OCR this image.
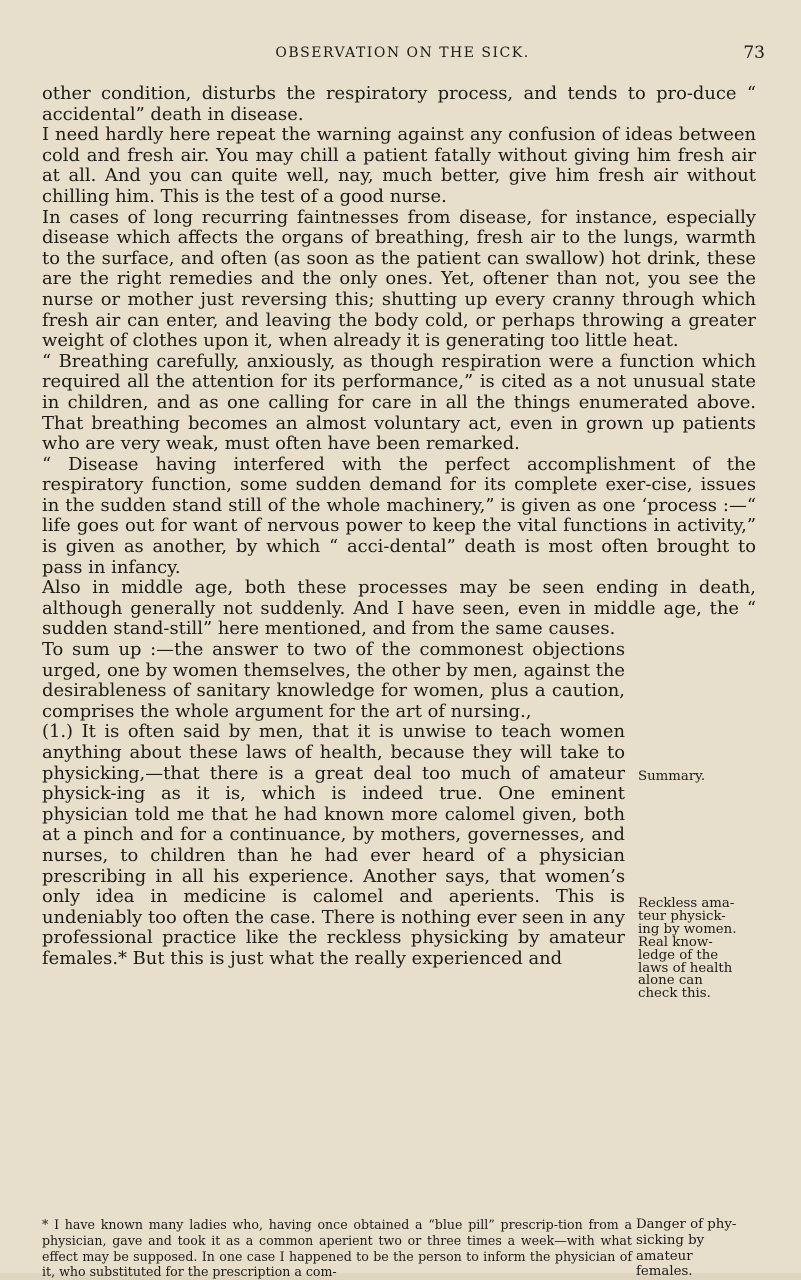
OBSERVATION ON THE SICK.	73

other condition, disturbs the respiratory process, and tends to pro-duce “ accidental” death in disease.

I need hardly here repeat the warning against any confusion of ideas between cold and fresh air. You may chill a patient fatally without giving him fresh air at all. And you can quite well, nay, much better, give him fresh air without chilling him. This is the test of a good nurse.

In cases of long recurring faintnesses from disease, for instance, especially disease which affects the organs of breathing, fresh air to the lungs, warmth to the surface, and often (as soon as the patient can swallow) hot drink, these are the right remedies and the only ones. Yet, oftener than not, you see the nurse or mother just reversing this; shutting up every cranny through which fresh air can enter, and leaving the body cold, or perhaps throwing a greater weight of clothes upon it, when already it is generating too little heat.

“ Breathing carefully, anxiously, as though respiration were a function which required all the attention for its performance,” is cited as a not unusual state in children, and as one calling for care in all the things enumerated above. That breathing becomes an almost voluntary act, even in grown up patients who are very weak, must often have been remarked.

“ Disease having interfered with the perfect accomplishment of the respiratory function, some sudden demand for its complete exer-cise, issues in the sudden stand still of the whole machinery,” is given as one ‘process :—“ life goes out for want of nervous power to keep the vital functions in activity,” is given as another, by which “ acci-dental” death is most often brought to pass in infancy.

Also in middle age, both these processes may be seen ending in death, although generally not suddenly. And I have seen, even in middle age, the “ sudden stand-still” here mentioned, and from the same causes.

To sum up :—the answer to two of the commonest objections urged, one by women themselves, the other by men, against the desirableness of sanitary knowledge for women, plus a caution, comprises the whole argument for the art of nursing.,

(1.) It is often said by men, that it is unwise to teach women anything about these laws of health, because they will take to physicking,—that there is a great deal too much of amateur physick-ing as it is, which is indeed true. One eminent physician told me that he had known more calomel given, both at a pinch and for a continuance, by mothers, governesses, and nurses, to children than he had ever heard of a physician prescribing in all his experience. Another says, that women’s only idea in medicine is calomel and aperients. This is undeniably too often the case. There is nothing ever seen in any professional practice like the reckless physicking by amateur females.* But this is just what the really experienced and

Summary.
Reckless ama-
teur physick-
ing by women.
Real know-
ledge of the
laws of health
alone can
check this.
* I have known many ladies who, having once obtained a “blue pill” prescrip-tion from a physician, gave and took it as a common aperient two or three times a week—with what effect may be supposed. In one case I happened to be the person to inform the physician of it, who substituted for the prescription a com-
Danger of phy-
sicking by
amateur
females.
